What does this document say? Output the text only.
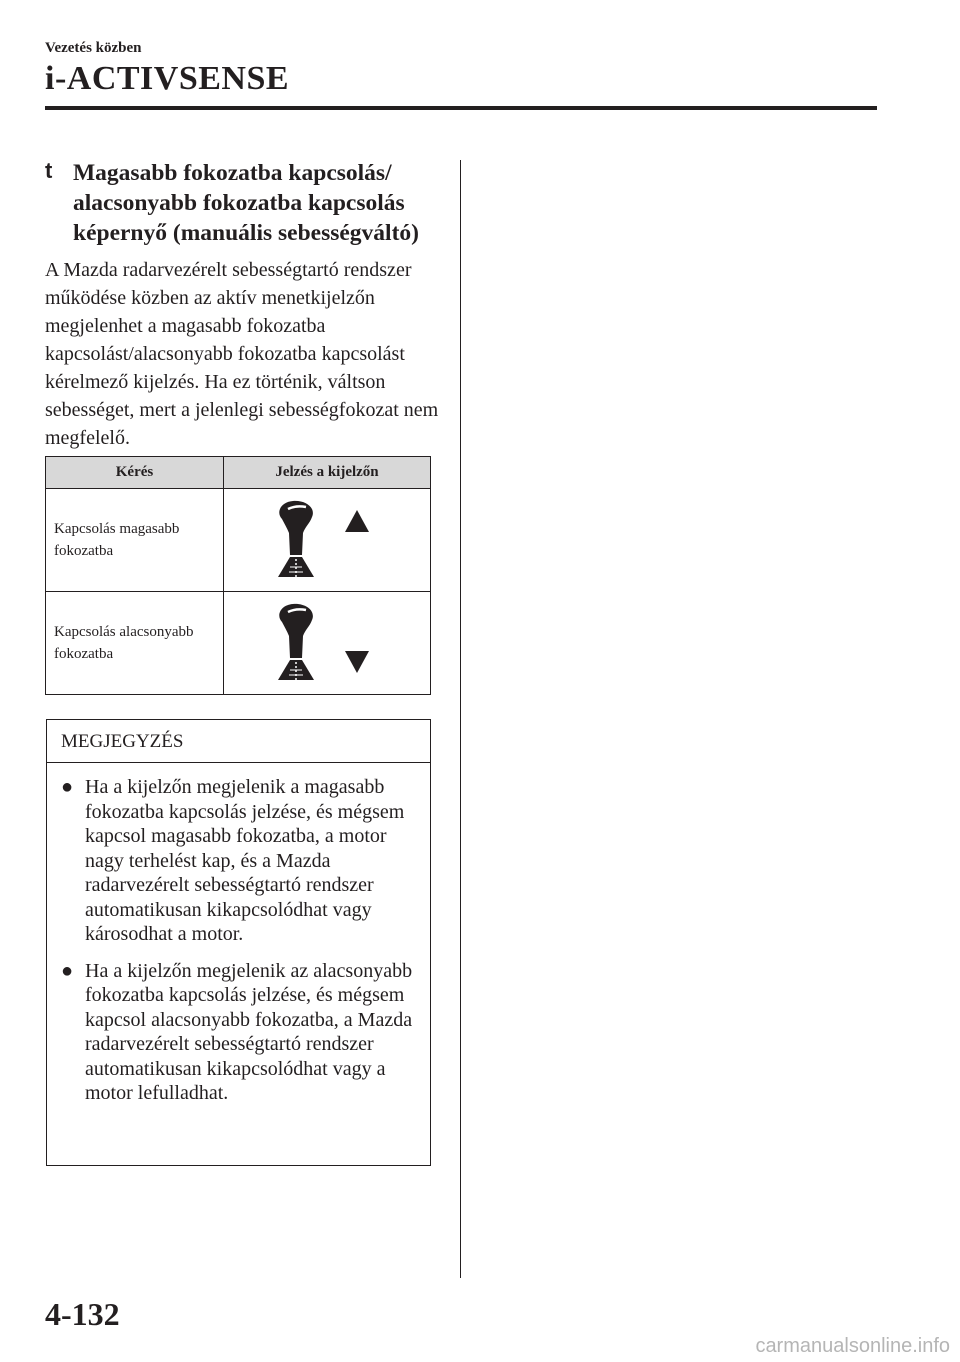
Vezetés közben
i-ACTIVSENSE
t Magasabb fokozatba kapcsolás/ alacsonyabb fokozatba kapcsolás képernyő (manuális sebességváltó)
A Mazda radarvezérelt sebességtartó rendszer működése közben az aktív menetkijelzőn megjelenhet a magasabb fokozatba kapcsolást/alacsonyabb fokozatba kapcsolást kérelmező kijelzés. Ha ez történik, váltson sebességet, mert a jelenlegi sebességfokozat nem megfelelő.
Kérés	Jelzés a kijelzőn
Kapcsolás magasabb fokozatba	

Kapcsolás alacsonyabb fokozatba	
MEGJEGYZÉS
● Ha a kijelzőn megjelenik a magasabb fokozatba kapcsolás jelzése, és mégsem kapcsol magasabb fokozatba, a motor nagy terhelést kap, és a Mazda radarvezérelt sebességtartó rendszer automatikusan kikapcsolódhat vagy károsodhat a motor.
● Ha a kijelzőn megjelenik az alacsonyabb fokozatba kapcsolás jelzése, és mégsem kapcsol alacsonyabb fokozatba, a Mazda radarvezérelt sebességtartó rendszer automatikusan kikapcsolódhat vagy a motor lefulladhat.
4-132
carmanualsonline.info
